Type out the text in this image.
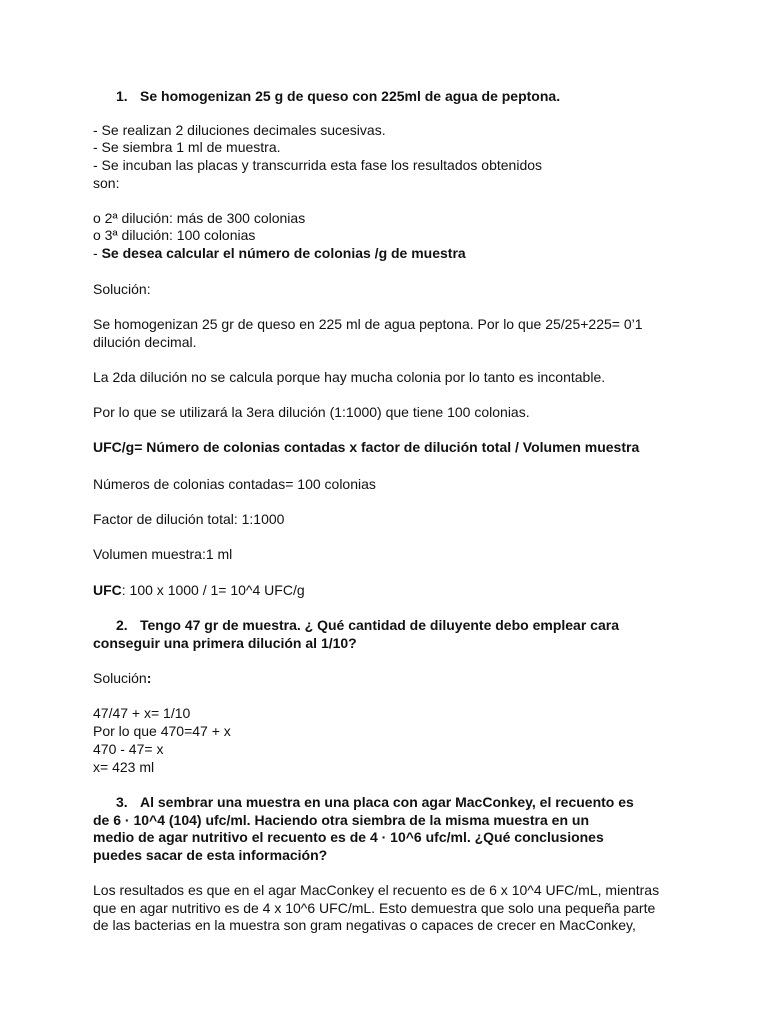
1. Se homogenizan 25 g de queso con 225ml de agua de peptona.
- Se realizan 2 diluciones decimales sucesivas.
- Se siembra 1 ml de muestra.
- Se incuban las placas y transcurrida esta fase los resultados obtenidos
son:
o 2ª dilución: más de 300 colonias
o 3ª dilución: 100 colonias
- Se desea calcular el número de colonias /g de muestra
Solución:
Se homogenizan 25 gr de queso en 225 ml de agua peptona. Por lo que 25/25+225= 0’1
dilución decimal.
La 2da dilución no se calcula porque hay mucha colonia por lo tanto es incontable.
Por lo que se utilizará la 3era dilución (1:1000) que tiene 100 colonias.
UFC/g= Número de colonias contadas x factor de dilución total / Volumen muestra
Números de colonias contadas= 100 colonias
Factor de dilución total: 1:1000
Volumen muestra:1 ml
UFC: 100 x 1000 / 1= 10^4 UFC/g
2. Tengo 47 gr de muestra. ¿ Qué cantidad de diluyente debo emplear cara
conseguir una primera dilución al 1/10?
Solución:
47/47 + x= 1/10
Por lo que 470=47 + x
470 - 47= x
x= 423 ml
3. Al sembrar una muestra en una placa con agar MacConkey, el recuento es
de 6 · 10^4 (104) ufc/ml. Haciendo otra siembra de la misma muestra en un
medio de agar nutritivo el recuento es de 4 · 10^6 ufc/ml. ¿Qué conclusiones
puedes sacar de esta información?
Los resultados es que en el agar MacConkey el recuento es de 6 x 10^4 UFC/mL, mientras
que en agar nutritivo es de 4 x 10^6 UFC/mL. Esto demuestra que solo una pequeña parte
de las bacterias en la muestra son gram negativas o capaces de crecer en MacConkey,
